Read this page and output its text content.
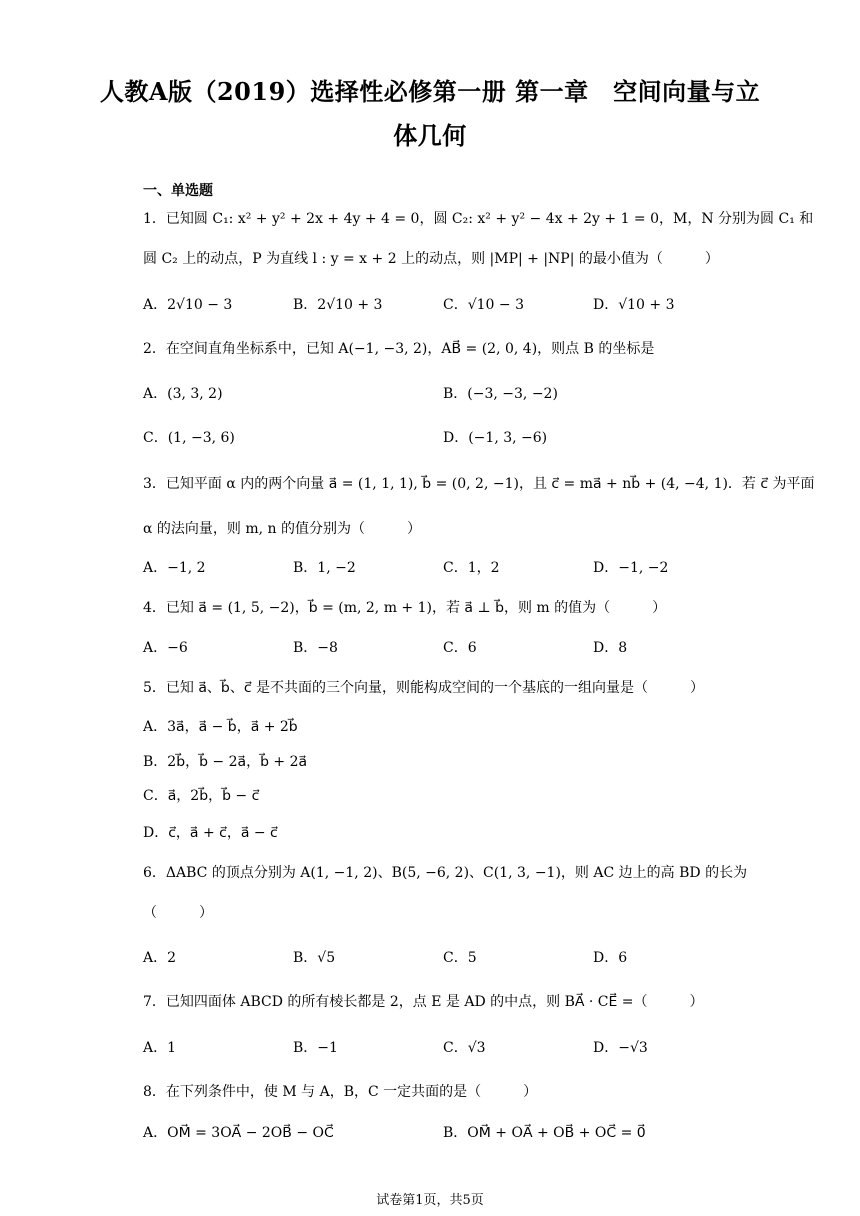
人教A版（2019）选择性必修第一册 第一章　空间向量与立
体几何
一、单选题
1．已知圆 C₁: x² + y² + 2x + 4y + 4 = 0，圆 C₂: x² + y² − 4x + 2y + 1 = 0，M，N 分别为圆 C₁ 和
圆 C₂ 上的动点，P 为直线 l : y = x + 2 上的动点，则 |MP| + |NP| 的最小值为（　　　）
A．2√10 − 3	B．2√10 + 3	C．√10 − 3	D．√10 + 3
2．在空间直角坐标系中，已知 A(−1, −3, 2)，AB⃗ = (2, 0, 4)，则点 B 的坐标是
A．(3, 3, 2)	B．(−3, −3, −2)
C．(1, −3, 6)	D．(−1, 3, −6)
3．已知平面 α 内的两个向量 a⃗ = (1, 1, 1), b⃗ = (0, 2, −1)，且 c⃗ = ma⃗ + nb⃗ + (4, −4, 1)．若 c⃗ 为平面
α 的法向量，则 m, n 的值分别为（　　　）
A．−1, 2	B．1, −2	C．1，2	D．−1, −2
4．已知 a⃗ = (1, 5, −2)，b⃗ = (m, 2, m + 1)，若 a⃗ ⊥ b⃗，则 m 的值为（　　　）
A．−6	B．−8	C．6	D．8
5．已知 a⃗、b⃗、c⃗ 是不共面的三个向量，则能构成空间的一个基底的一组向量是（　　　）
A．3a⃗，a⃗ − b⃗，a⃗ + 2b⃗
B．2b⃗，b⃗ − 2a⃗，b⃗ + 2a⃗
C．a⃗，2b⃗，b⃗ − c⃗
D．c⃗，a⃗ + c⃗，a⃗ − c⃗
6．ΔABC 的顶点分别为 A(1, −1, 2)、B(5, −6, 2)、C(1, 3, −1)，则 AC 边上的高 BD 的长为
（　　　）
A．2	B．√5	C．5	D．6
7．已知四面体 ABCD 的所有棱长都是 2，点 E 是 AD 的中点，则 BA⃗ · CE⃗ =（　　　）
A．1	B．−1	C．√3	D．−√3
8．在下列条件中，使 M 与 A，B，C 一定共面的是（　　　）
A．OM⃗ = 3OA⃗ − 2OB⃗ − OC⃗	B．OM⃗ + OA⃗ + OB⃗ + OC⃗ = 0⃗
试卷第1页，共5页
